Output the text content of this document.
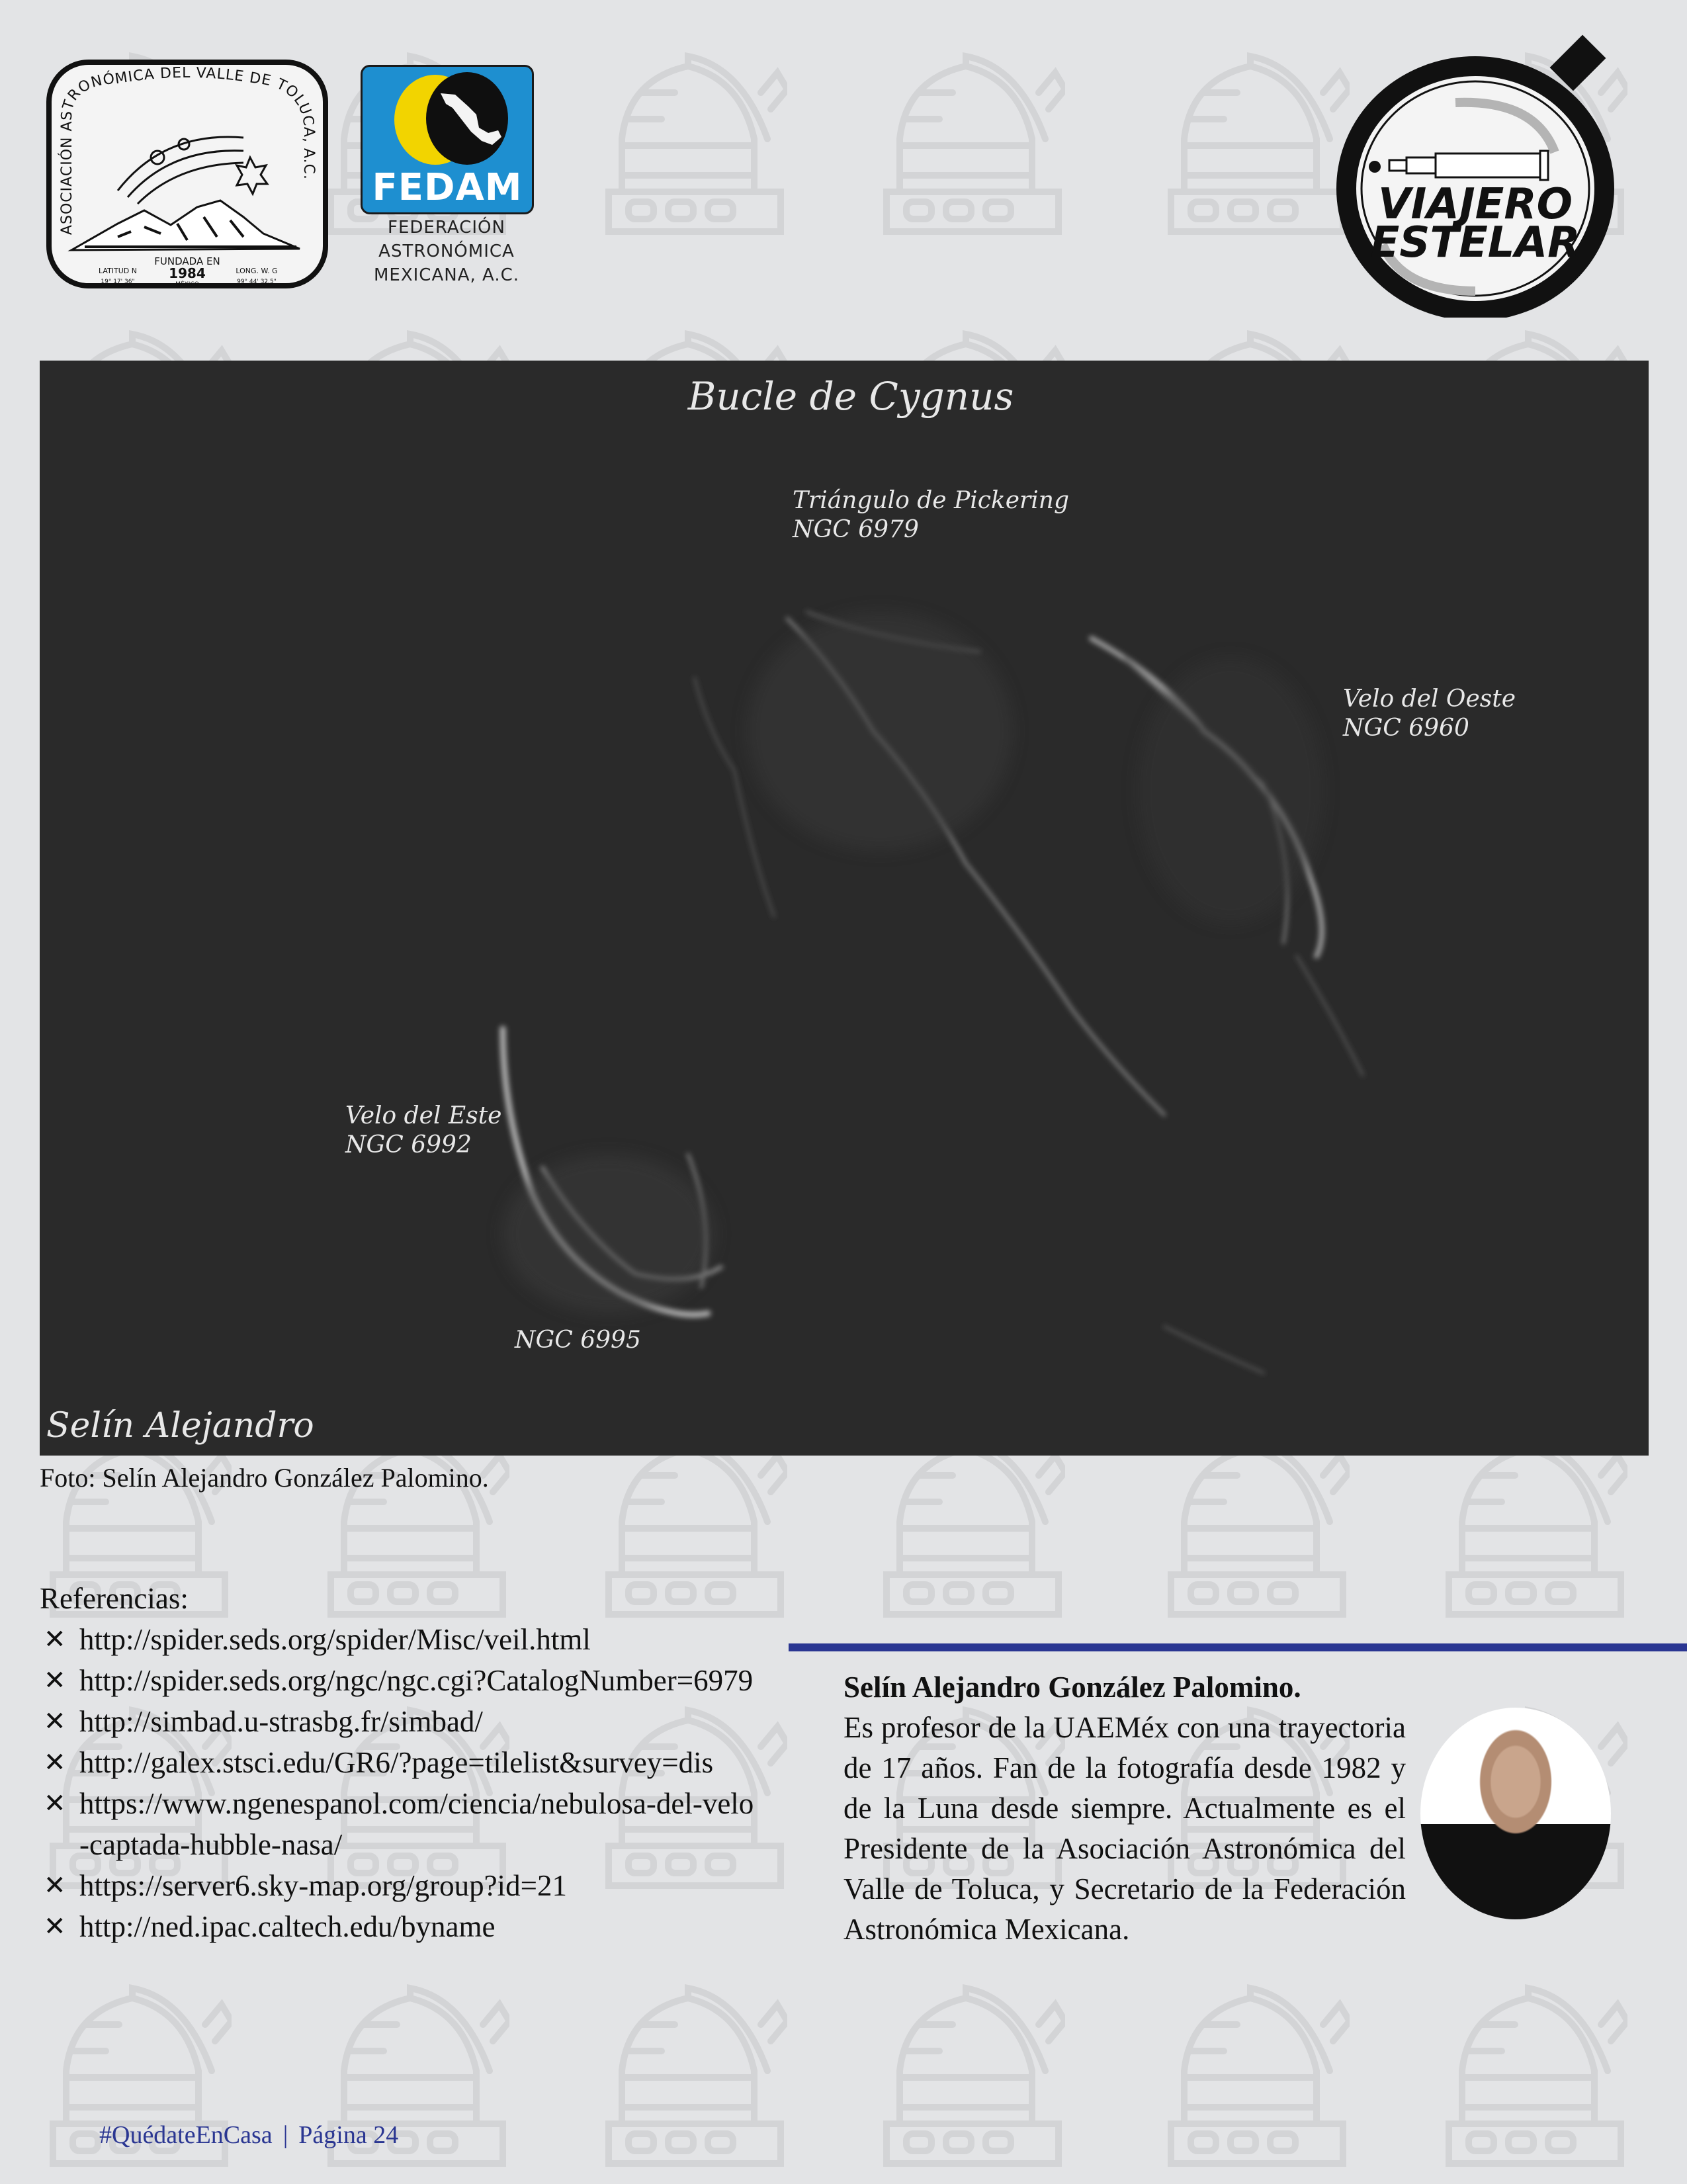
ASOCIACIÓN ASTRONÓMICA DEL VALLE DE TOLUCA, A.C.
FUNDADA EN
1984
LATITUD N
19° 17' 36"	MÉXICO
LONG. W. G
99° 44' 32.5"
FEDAM
FEDERACIÓN
ASTRONÓMICA
MEXICANA, A.C.
VIAJERO
ESTELAR
Bucle de Cygnus
Triángulo de Pickering
NGC 6979
Velo del Oeste
NGC 6960
Velo del Este
NGC 6992
NGC 6995
Selín Alejandro
Foto: Selín Alejandro González Palomino.
Referencias:
✕ http://spider.seds.org/spider/Misc/veil.html
✕ http://spider.seds.org/ngc/ngc.cgi?CatalogNumber=6979
✕ http://simbad.u-strasbg.fr/simbad/
✕ http://galex.stsci.edu/GR6/?page=tilelist&survey=dis
✕ https://www.ngenespanol.com/ciencia/nebulosa-del-velo-captada-hubble-nasa/
✕ https://server6.sky-map.org/group?id=21
✕ http://ned.ipac.caltech.edu/byname
Selín Alejandro González Palomino.
Es profesor de la UAEMéx con una trayectoria de 17 años. Fan de la fotografía desde 1982 y de la Luna desde siempre. Actualmente es el Presidente de la Asociación Astronómica del Valle de Toluca, y Secretario de la Federación Astronómica Mexicana.
#QuédateEnCasa | Página 24
